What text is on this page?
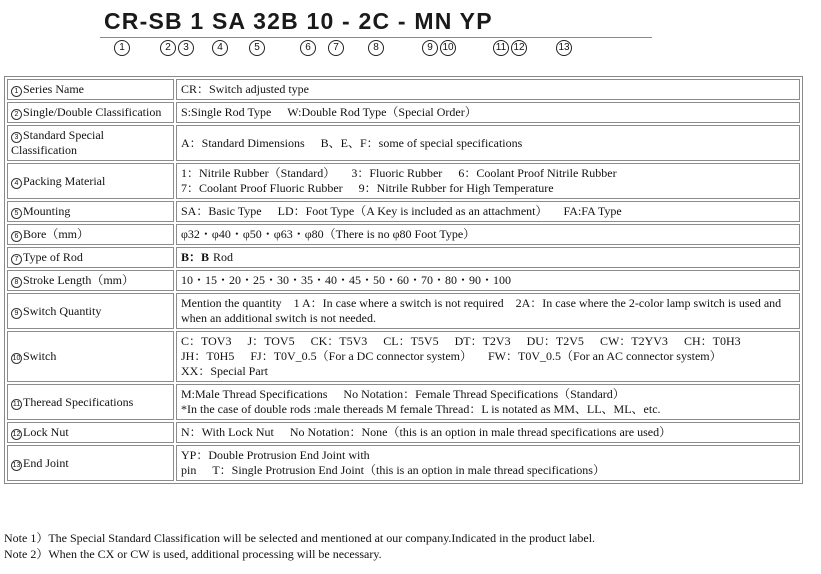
CR-SB 1 SA 32B 10 - 2C - MN YP
1	2	3	4	5	6	7	8	9 10	11 12	13
1 Series Name	CR：Switch adjusted type

2 Single/Double Classification	S:Single Rod Type W:Double Rod Type（Special Order）

3 Standard Special Classification	A：Standard Dimensions B、E、F：some of special specifications

4 Packing Material	1：Nitrile Rubber（Standard） 3：Fluoric Rubber 6：Coolant Proof Nitrile Rubber
7：Coolant Proof Fluoric Rubber 9：Nitrile Rubber for High Temperature

5 Mounting	SA：Basic Type LD：Foot Type（A Key is included as an attachment） FA:FA Type

6 Bore（mm）	φ32・φ40・φ50・φ63・φ80（There is no φ80 Foot Type）

7 Type of Rod	B：B Rod

8 Stroke Length（mm）	10・15・20・25・30・35・40・45・50・60・70・80・90・100

9 Switch Quantity	Mention the quantity　1 A：In case where a switch is not required　2A：In case where the 2-color lamp switch is used and when an additional switch is not needed.

10 Switch	C：TOV3 J：TOV5 CK：T5V3 CL：T5V5 DT：T2V3 DU：T2V5 CW：T2YV3 CH：T0H3
JH：T0H5 FJ：T0V_0.5（For a DC connector system） FW：T0V_0.5（For an AC connector system）
XX：Special Part

11 Theread Specifications	M:Male Thread Specifications No Notation：Female Thread Specifications（Standard）
*In the case of double rods :male thereads M female Thread：L is notated as MM、LL、ML、etc.

12 Lock Nut	N：With Lock Nut No Notation：None（this is an option in male thread specifications are used）

13 End Joint	YP：Double Protrusion End Joint with pin T：Single Protrusion End Joint（this is an option in male thread specifications）
Note 1）The Special Standard Classification will be selected and mentioned at our company.Indicated in the product label.
Note 2）When the CX or CW is used, additional processing will be necessary.
